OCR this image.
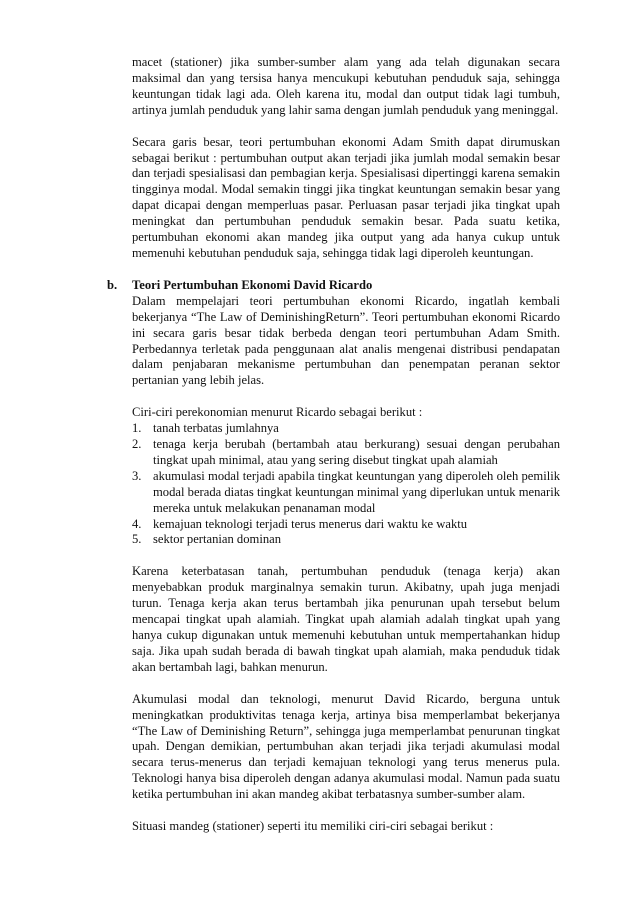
macet (stationer) jika sumber-sumber alam yang ada telah digunakan secara maksimal dan yang tersisa hanya mencukupi kebutuhan penduduk saja, sehingga keuntungan tidak lagi ada. Oleh karena itu, modal dan output tidak lagi tumbuh, artinya jumlah penduduk yang lahir sama dengan jumlah penduduk yang meninggal.

Secara garis besar, teori pertumbuhan ekonomi Adam Smith dapat dirumuskan sebagai berikut : pertumbuhan output akan terjadi jika jumlah modal semakin besar dan terjadi spesialisasi dan pembagian kerja. Spesialisasi dipertinggi karena semakin tingginya modal. Modal semakin tinggi jika tingkat keuntungan semakin besar yang dapat dicapai dengan memperluas pasar. Perluasan pasar terjadi jika tingkat upah meningkat dan pertumbuhan penduduk semakin besar. Pada suatu ketika, pertumbuhan ekonomi akan mandeg jika output yang ada hanya cukup untuk memenuhi kebutuhan penduduk saja, sehingga tidak lagi diperoleh keuntungan.

b. Teori Pertumbuhan Ekonomi David Ricardo

Dalam mempelajari teori pertumbuhan ekonomi Ricardo, ingatlah kembali bekerjanya “The Law of DeminishingReturn”. Teori pertumbuhan ekonomi Ricardo ini secara garis besar tidak berbeda dengan teori pertumbuhan Adam Smith. Perbedannya terletak pada penggunaan alat analis mengenai distribusi pendapatan dalam penjabaran mekanisme pertumbuhan dan penempatan peranan sektor pertanian yang lebih jelas.

Ciri-ciri perekonomian menurut Ricardo sebagai berikut :

1. tanah terbatas jumlahnya
2. tenaga kerja berubah (bertambah atau berkurang) sesuai dengan perubahan tingkat upah minimal, atau yang sering disebut tingkat upah alamiah
3. akumulasi modal terjadi apabila tingkat keuntungan yang diperoleh oleh pemilik modal berada diatas tingkat keuntungan minimal yang diperlukan untuk menarik mereka untuk melakukan penanaman modal
4. kemajuan teknologi terjadi terus menerus dari waktu ke waktu
5. sektor pertanian dominan

Karena keterbatasan tanah, pertumbuhan penduduk (tenaga kerja) akan menyebabkan produk marginalnya semakin turun. Akibatny, upah juga menjadi turun. Tenaga kerja akan terus bertambah jika penurunan upah tersebut belum mencapai tingkat upah alamiah. Tingkat upah alamiah adalah tingkat upah yang hanya cukup digunakan untuk memenuhi kebutuhan untuk mempertahankan hidup saja. Jika upah sudah berada di bawah tingkat upah alamiah, maka penduduk tidak akan bertambah lagi, bahkan menurun.

Akumulasi modal dan teknologi, menurut David Ricardo, berguna untuk meningkatkan produktivitas tenaga kerja, artinya bisa memperlambat bekerjanya “The Law of Deminishing Return”, sehingga juga memperlambat penurunan tingkat upah. Dengan demikian, pertumbuhan akan terjadi jika terjadi akumulasi modal secara terus-menerus dan terjadi kemajuan teknologi yang terus menerus pula. Teknologi hanya bisa diperoleh dengan adanya akumulasi modal. Namun pada suatu ketika pertumbuhan ini akan mandeg akibat terbatasnya sumber-sumber alam.

Situasi mandeg (stationer) seperti itu memiliki ciri-ciri sebagai berikut :
